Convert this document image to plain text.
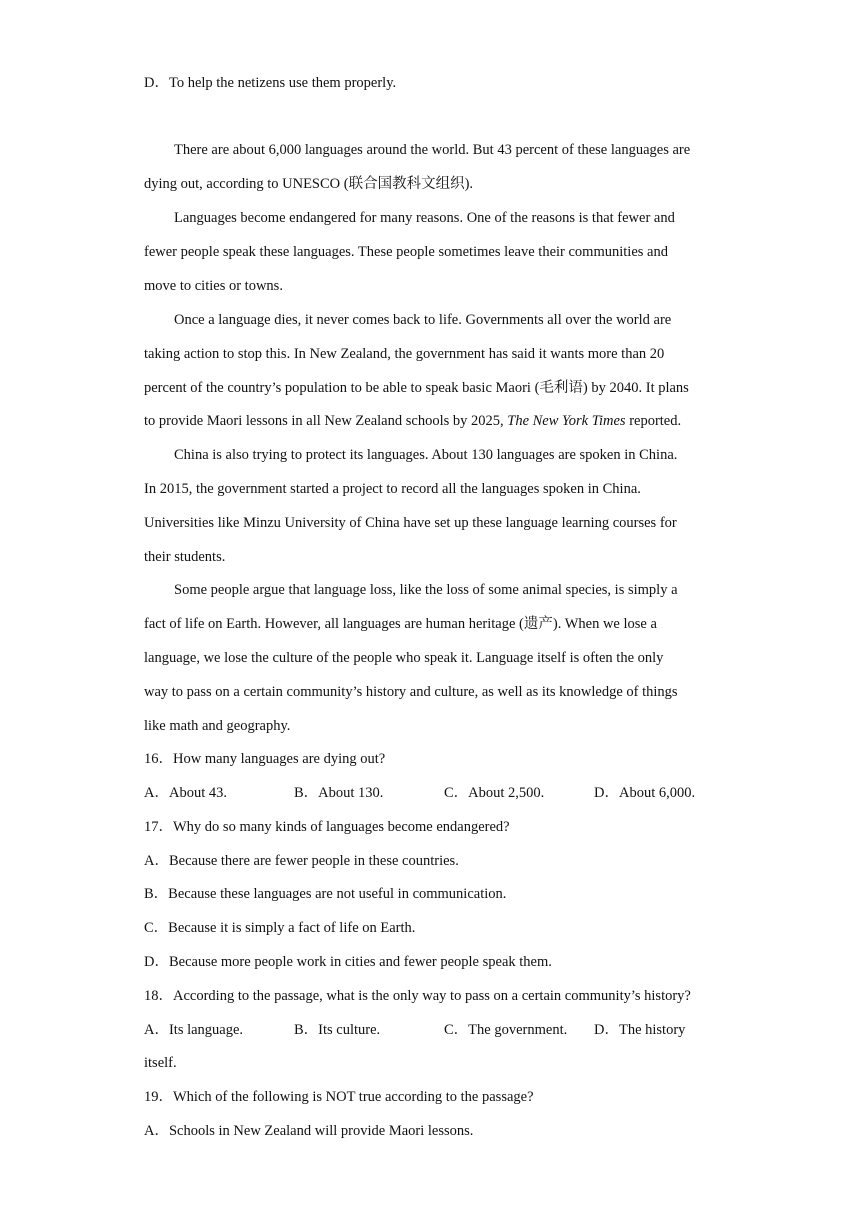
D．To help the netizens use them properly.
There are about 6,000 languages around the world. But 43 percent of these languages are
dying out, according to UNESCO (联合国教科文组织).
Languages become endangered for many reasons. One of the reasons is that fewer and
fewer people speak these languages. These people sometimes leave their communities and
move to cities or towns.
Once a language dies, it never comes back to life. Governments all over the world are
taking action to stop this. In New Zealand, the government has said it wants more than 20
percent of the country’s population to be able to speak basic Maori (毛利语) by 2040. It plans
to provide Maori lessons in all New Zealand schools by 2025, The New York Times reported.
China is also trying to protect its languages. About 130 languages are spoken in China.
In 2015, the government started a project to record all the languages spoken in China.
Universities like Minzu University of China have set up these language learning courses for
their students.
Some people argue that language loss, like the loss of some animal species, is simply a
fact of life on Earth. However, all languages are human heritage (遗产). When we lose a
language, we lose the culture of the people who speak it. Language itself is often the only
way to pass on a certain community’s history and culture, as well as its knowledge of things
like math and geography.
16．How many languages are dying out?
A．About 43.	B．About 130.	C．About 2,500.	D．About 6,000.
17．Why do so many kinds of languages become endangered?
A．Because there are fewer people in these countries.
B．Because these languages are not useful in communication.
C．Because it is simply a fact of life on Earth.
D．Because more people work in cities and fewer people speak them.
18．According to the passage, what is the only way to pass on a certain community’s history?
A．Its language.	B．Its culture.	C．The government. D．The history
itself.
19．Which of the following is NOT true according to the passage?
A．Schools in New Zealand will provide Maori lessons.
